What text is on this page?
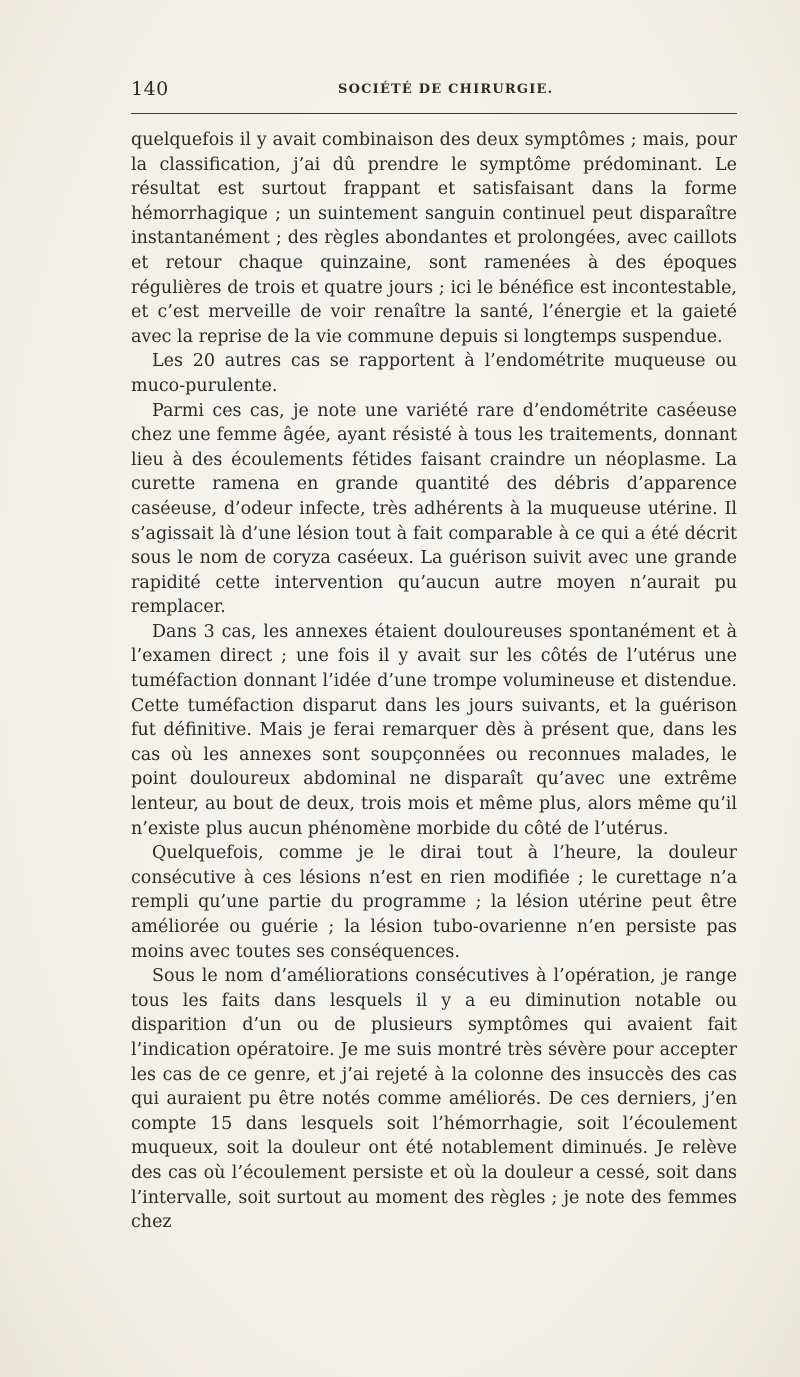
140	SOCIÉTÉ DE CHIRURGIE.

quelquefois il y avait combinaison des deux symptômes ; mais, pour la classification, j’ai dû prendre le symptôme prédominant. Le résultat est surtout frappant et satisfaisant dans la forme hémorrhagique ; un suintement sanguin continuel peut disparaître instantanément ; des règles abondantes et prolongées, avec caillots et retour chaque quinzaine, sont ramenées à des époques régulières de trois et quatre jours ; ici le bénéfice est incontestable, et c’est merveille de voir renaître la santé, l’énergie et la gaieté avec la reprise de la vie commune depuis si longtemps suspendue.

Les 20 autres cas se rapportent à l’endométrite muqueuse ou muco-purulente.

Parmi ces cas, je note une variété rare d’endométrite caséeuse chez une femme âgée, ayant résisté à tous les traitements, donnant lieu à des écoulements fétides faisant craindre un néoplasme. La curette ramena en grande quantité des débris d’apparence caséeuse, d’odeur infecte, très adhérents à la muqueuse utérine. Il s’agissait là d’une lésion tout à fait comparable à ce qui a été décrit sous le nom de coryza caséeux. La guérison suivit avec une grande rapidité cette intervention qu’aucun autre moyen n’aurait pu remplacer.

Dans 3 cas, les annexes étaient douloureuses spontanément et à l’examen direct ; une fois il y avait sur les côtés de l’utérus une tuméfaction donnant l’idée d’une trompe volumineuse et distendue. Cette tuméfaction disparut dans les jours suivants, et la guérison fut définitive. Mais je ferai remarquer dès à présent que, dans les cas où les annexes sont soupçonnées ou reconnues malades, le point douloureux abdominal ne disparaît qu’avec une extrême lenteur, au bout de deux, trois mois et même plus, alors même qu’il n’existe plus aucun phénomène morbide du côté de l’utérus.

Quelquefois, comme je le dirai tout à l’heure, la douleur consécutive à ces lésions n’est en rien modifiée ; le curettage n’a rempli qu’une partie du programme ; la lésion utérine peut être améliorée ou guérie ; la lésion tubo-ovarienne n’en persiste pas moins avec toutes ses conséquences.

Sous le nom d’améliorations consécutives à l’opération, je range tous les faits dans lesquels il y a eu diminution notable ou disparition d’un ou de plusieurs symptômes qui avaient fait l’indication opératoire. Je me suis montré très sévère pour accepter les cas de ce genre, et j’ai rejeté à la colonne des insuccès des cas qui auraient pu être notés comme améliorés. De ces derniers, j’en compte 15 dans lesquels soit l’hémorrhagie, soit l’écoulement muqueux, soit la douleur ont été notablement diminués. Je relève des cas où l’écoulement persiste et où la douleur a cessé, soit dans l’intervalle, soit surtout au moment des règles ; je note des femmes chez
